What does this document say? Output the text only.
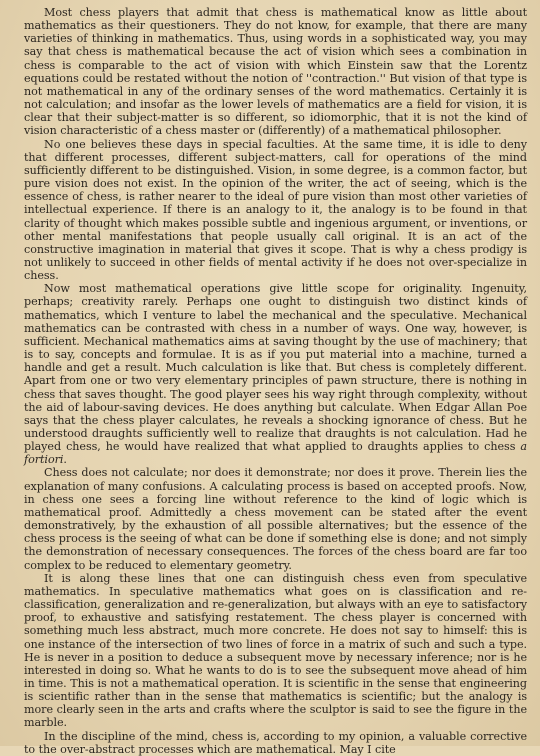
Most chess players that admit that chess is mathematical know as little about mathematics as their questioners. They do not know, for example, that there are many varieties of thinking in mathematics. Thus, using words in a sophisticated way, you may say that chess is mathematical because the act of vision which sees a combination in chess is comparable to the act of vision with which Einstein saw that the Lorentz equations could be restated without the notion of ''contraction.'' But vision of that type is not mathematical in any of the ordinary senses of the word mathematics. Certainly it is not calculation; and insofar as the lower levels of mathematics are a field for vision, it is clear that their subject-matter is so different, so idiomorphic, that it is not the kind of vision characteristic of a chess master or (differently) of a mathematical philosopher.

No one believes these days in special faculties. At the same time, it is idle to deny that different processes, different subject-matters, call for operations of the mind sufficiently different to be distinguished. Vision, in some degree, is a common factor, but pure vision does not exist. In the opinion of the writer, the act of seeing, which is the essence of chess, is rather nearer to the ideal of pure vision than most other varieties of intellectual experience. If there is an analogy to it, the analogy is to be found in that clarity of thought which makes possible subtle and ingenious argument, or inventions, or other mental manifestations that people usually call original. It is an act of the constructive imagination in material that gives it scope. That is why a chess prodigy is not unlikely to succeed in other fields of mental activity if he does not over-specialize in chess.

Now most mathematical operations give little scope for originality. Ingenuity, perhaps; creativity rarely. Perhaps one ought to distinguish two distinct kinds of mathematics, which I venture to label the mechanical and the speculative. Mechanical mathematics can be contrasted with chess in a number of ways. One way, however, is sufficient. Mechanical mathematics aims at saving thought by the use of machinery; that is to say, concepts and formulae. It is as if you put material into a machine, turned a handle and get a result. Much calculation is like that. But chess is completely different. Apart from one or two very elementary principles of pawn structure, there is nothing in chess that saves thought. The good player sees his way right through complexity, without the aid of labour-saving devices. He does anything but calculate. When Edgar Allan Poe says that the chess player calculates, he reveals a shocking ignorance of chess. But he understood draughts sufficiently well to realize that draughts is not calculation. Had he played chess, he would have realized that what applied to draughts applies to chess a fortiori.

Chess does not calculate; nor does it demonstrate; nor does it prove. Therein lies the explanation of many confusions. A calculating process is based on accepted proofs. Now, in chess one sees a forcing line without reference to the kind of logic which is mathematical proof. Admittedly a chess movement can be stated after the event demonstratively, by the exhaustion of all possible alternatives; but the essence of the chess process is the seeing of what can be done if something else is done; and not simply the demonstration of necessary consequences. The forces of the chess board are far too complex to be reduced to elementary geometry.

It is along these lines that one can distinguish chess even from speculative mathematics. In speculative mathematics what goes on is classification and re-classification, generalization and re-generalization, but always with an eye to satisfactory proof, to exhaustive and satisfying restatement. The chess player is concerned with something much less abstract, much more concrete. He does not say to himself: this is one instance of the intersection of two lines of force in a matrix of such and such a type. He is never in a position to deduce a subsequent move by necessary inference; nor is he interested in doing so. What he wants to do is to see the subsequent move ahead of him in time. This is not a mathematical operation. It is scientific in the sense that engineering is scientific rather than in the sense that mathematics is scientific; but the analogy is more clearly seen in the arts and crafts where the sculptor is said to see the figure in the marble.

In the discipline of the mind, chess is, according to my opinion, a valuable corrective to the over-abstract processes which are mathematical. May I cite
